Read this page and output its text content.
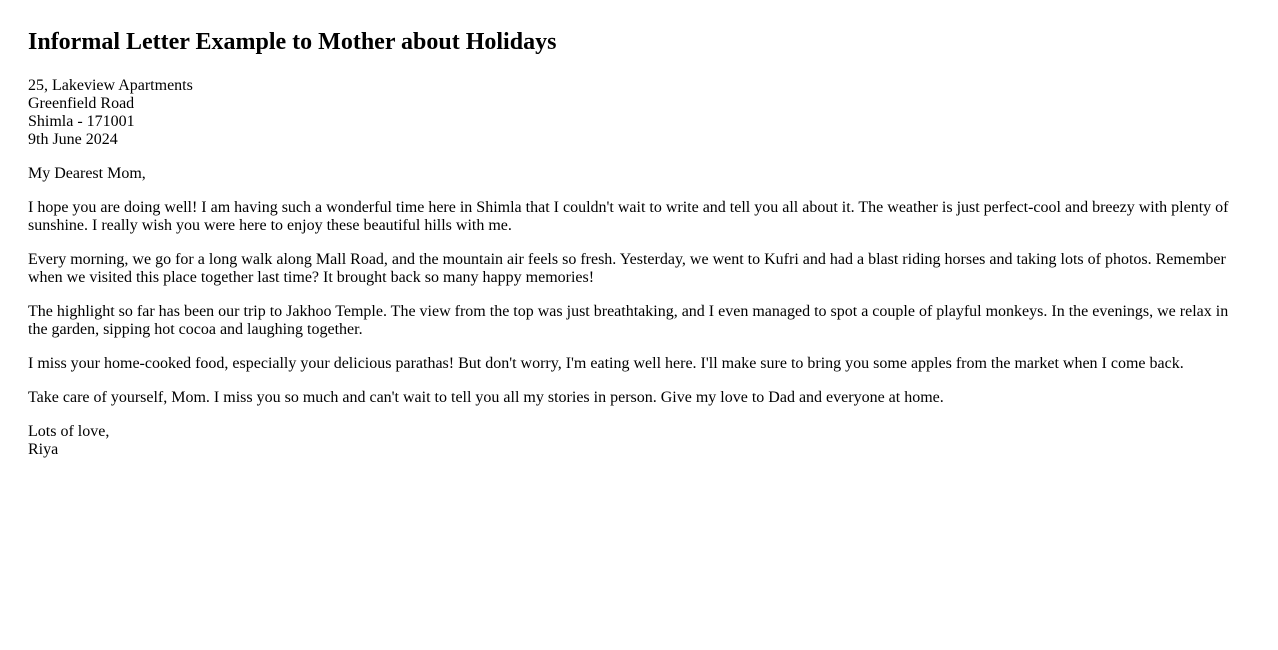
Informal Letter Example to Mother about Holidays
25, Lakeview Apartments
Greenfield Road
Shimla - 171001
9th June 2024

My Dearest Mom,

I hope you are doing well! I am having such a wonderful time here in Shimla that I couldn't wait to write and tell you all about it. The weather is just perfect-cool and breezy with plenty of sunshine. I really wish you were here to enjoy these beautiful hills with me.

Every morning, we go for a long walk along Mall Road, and the mountain air feels so fresh. Yesterday, we went to Kufri and had a blast riding horses and taking lots of photos. Remember when we visited this place together last time? It brought back so many happy memories!

The highlight so far has been our trip to Jakhoo Temple. The view from the top was just breathtaking, and I even managed to spot a couple of playful monkeys. In the evenings, we relax in the garden, sipping hot cocoa and laughing together.

I miss your home-cooked food, especially your delicious parathas! But don't worry, I'm eating well here. I'll make sure to bring you some apples from the market when I come back.

Take care of yourself, Mom. I miss you so much and can't wait to tell you all my stories in person. Give my love to Dad and everyone at home.

Lots of love,
Riya
